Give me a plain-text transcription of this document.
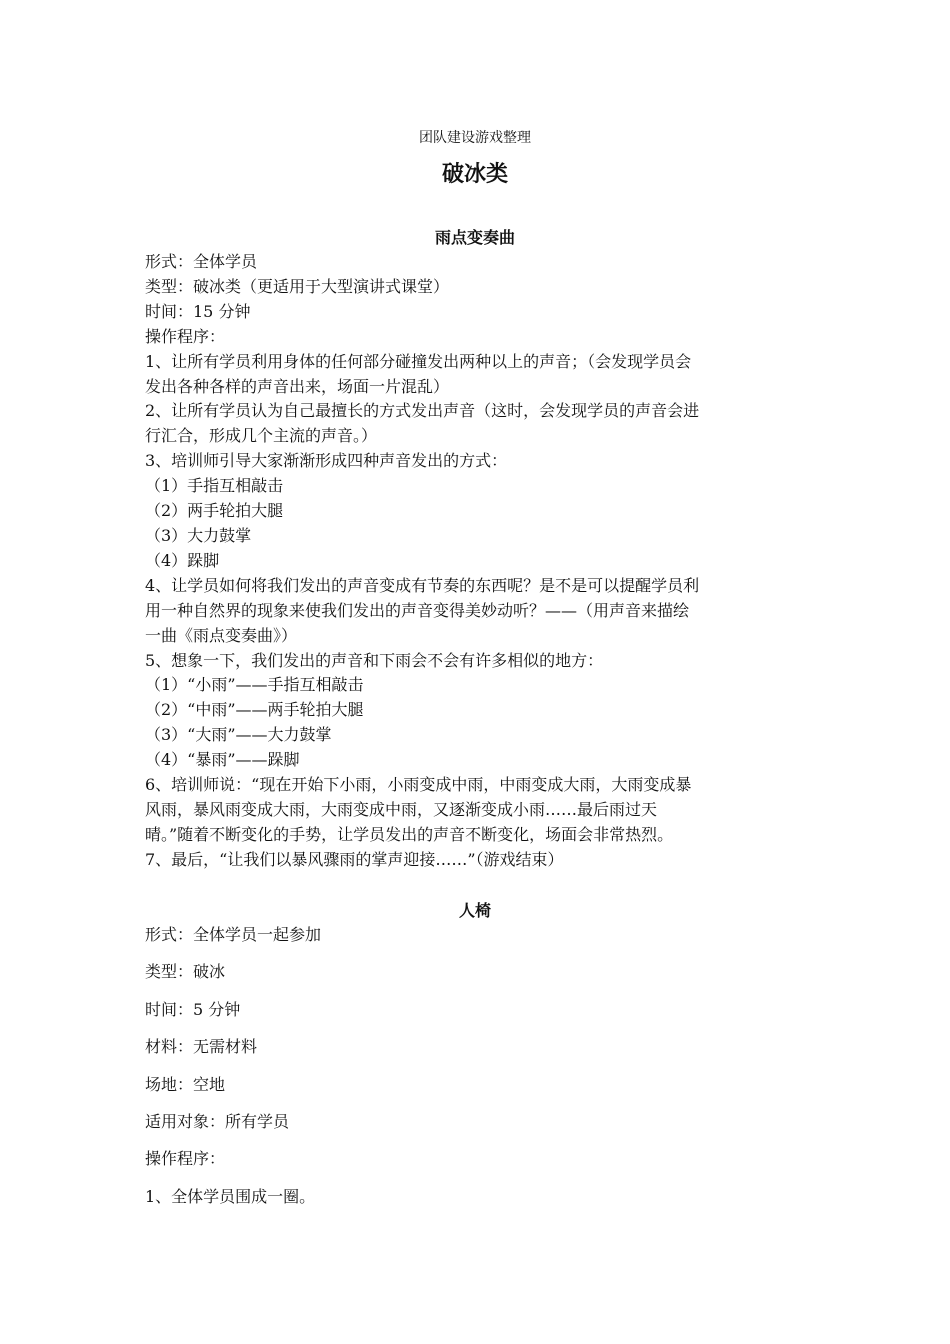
团队建设游戏整理
破冰类
雨点变奏曲
形式：全体学员
类型：破冰类（更适用于大型演讲式课堂）
时间：15 分钟
操作程序：
1、让所有学员利用身体的任何部分碰撞发出两种以上的声音；（会发现学员会
发出各种各样的声音出来，场面一片混乱）
2、让所有学员认为自己最擅长的方式发出声音（这时，会发现学员的声音会进
行汇合，形成几个主流的声音。）
3、培训师引导大家渐渐形成四种声音发出的方式：
（1）手指互相敲击
（2）两手轮拍大腿
（3）大力鼓掌
（4）跺脚
4、让学员如何将我们发出的声音变成有节奏的东西呢？是不是可以提醒学员利
用一种自然界的现象来使我们发出的声音变得美妙动听？——（用声音来描绘
一曲《雨点变奏曲》）
5、想象一下，我们发出的声音和下雨会不会有许多相似的地方：
（1）“小雨”——手指互相敲击
（2）“中雨”——两手轮拍大腿
（3）“大雨”——大力鼓掌
（4）“暴雨”——跺脚
6、培训师说：“现在开始下小雨，小雨变成中雨，中雨变成大雨，大雨变成暴
风雨，暴风雨变成大雨，大雨变成中雨，又逐渐变成小雨……最后雨过天
晴。”随着不断变化的手势，让学员发出的声音不断变化，场面会非常热烈。
7、最后，“让我们以暴风骤雨的掌声迎接……”（游戏结束）
人椅
形式：全体学员一起参加
类型：破冰
时间：5 分钟
材料：无需材料
场地：空地
适用对象：所有学员
操作程序：
1、全体学员围成一圈。
